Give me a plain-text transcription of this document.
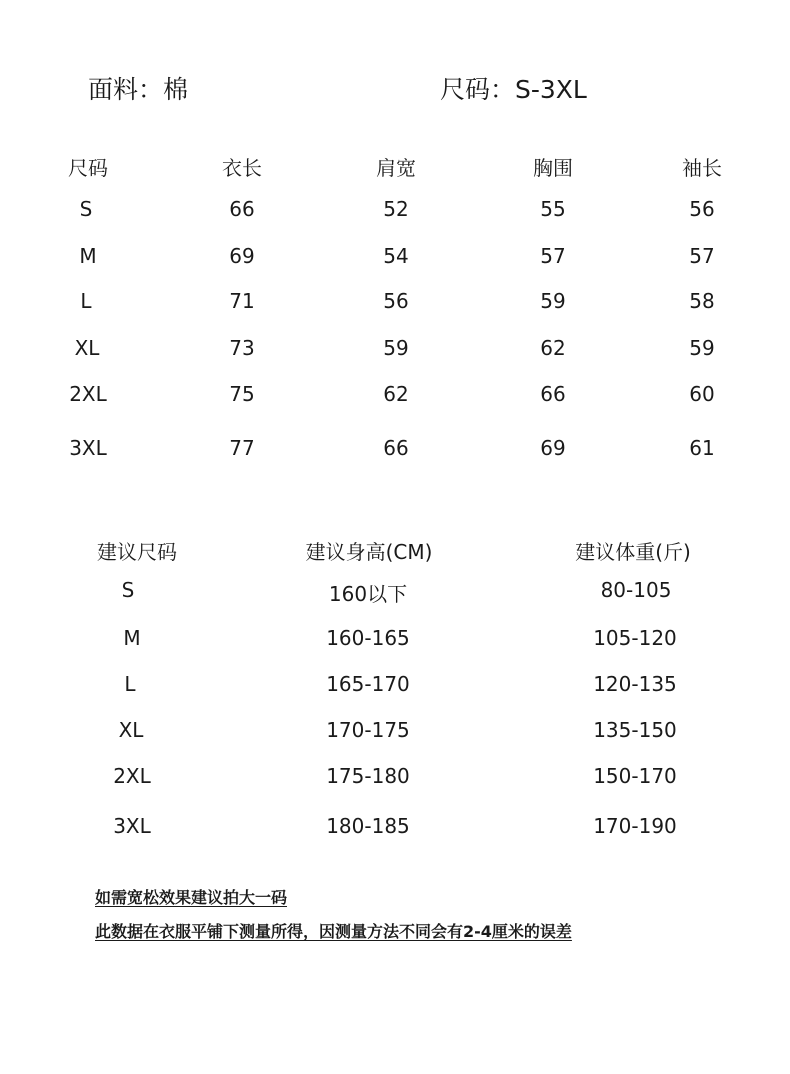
面料：棉	尺码：S-3XL
尺码	衣长	肩宽	胸围	袖长
S	66	52	55	56
M	69	54	57	57
L	71	56	59	58
XL	73	59	62	59
2XL	75	62	66	60
3XL	77	66	69	61
建议尺码	建议身高(CM)	建议体重(斤)
S	160以下	80-105
M	160-165	105-120
L	165-170	120-135
XL	170-175	135-150
2XL	175-180	150-170
3XL	180-185	170-190
如需宽松效果建议拍大一码
此数据在衣服平铺下测量所得，因测量方法不同会有2-4厘米的误差
